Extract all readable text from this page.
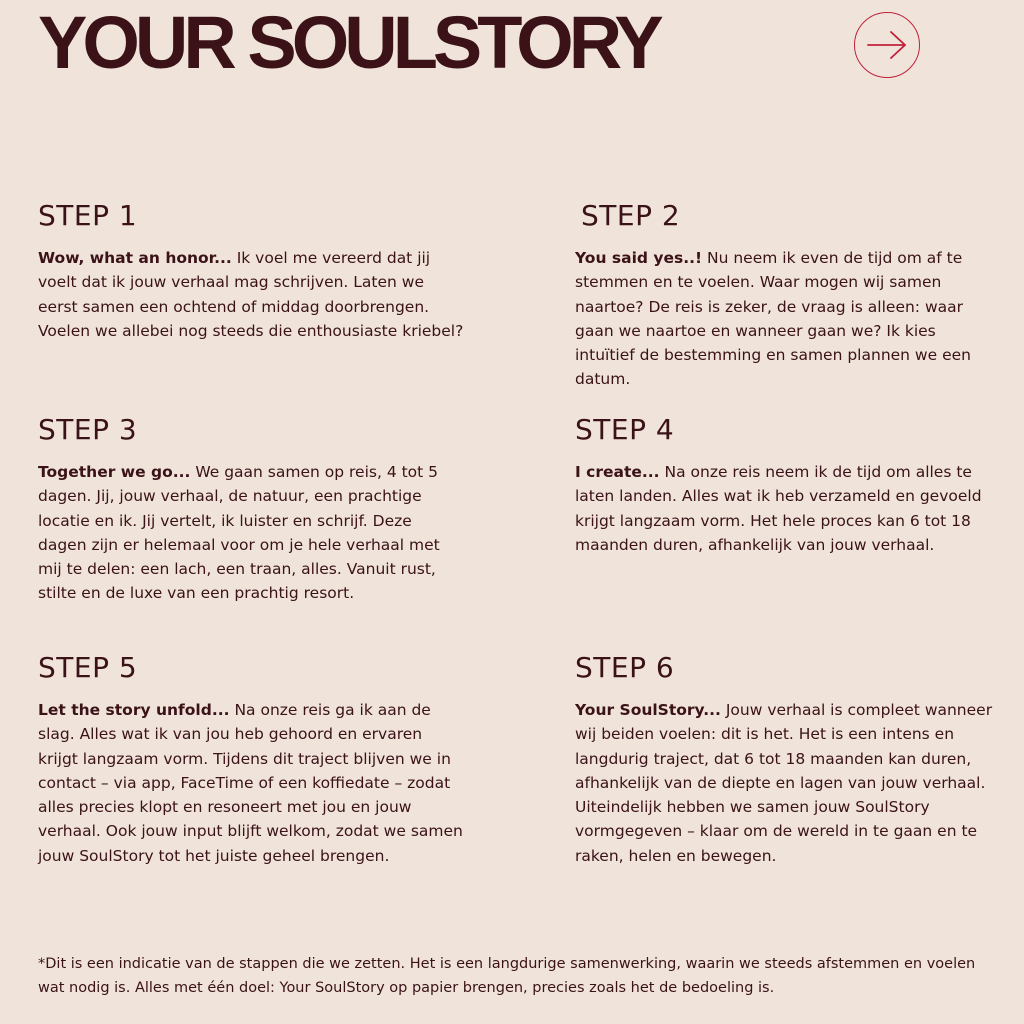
YOUR SOULSTORY
STEP 1

Wow, what an honor... Ik voel me vereerd dat jij voelt dat ik jouw verhaal mag schrijven. Laten we eerst samen een ochtend of middag doorbrengen. Voelen we allebei nog steeds die enthousiaste kriebel?

STEP 2

You said yes..! Nu neem ik even de tijd om af te stemmen en te voelen. Waar mogen wij samen naartoe? De reis is zeker, de vraag is alleen: waar gaan we naartoe en wanneer gaan we? Ik kies intuïtief de bestemming en samen plannen we een datum.

STEP 3

Together we go... We gaan samen op reis, 4 tot 5 dagen. Jij, jouw verhaal, de natuur, een prachtige locatie en ik. Jij vertelt, ik luister en schrijf. Deze dagen zijn er helemaal voor om je hele verhaal met mij te delen: een lach, een traan, alles. Vanuit rust, stilte en de luxe van een prachtig resort.

STEP 4

I create... Na onze reis neem ik de tijd om alles te laten landen. Alles wat ik heb verzameld en gevoeld krijgt langzaam vorm. Het hele proces kan 6 tot 18 maanden duren, afhankelijk van jouw verhaal.

STEP 5

Let the story unfold... Na onze reis ga ik aan de slag. Alles wat ik van jou heb gehoord en ervaren krijgt langzaam vorm. Tijdens dit traject blijven we in contact – via app, FaceTime of een koffiedate – zodat alles precies klopt en resoneert met jou en jouw verhaal. Ook jouw input blijft welkom, zodat we samen jouw SoulStory tot het juiste geheel brengen.

STEP 6

Your SoulStory... Jouw verhaal is compleet wanneer wij beiden voelen: dit is het. Het is een intens en langdurig traject, dat 6 tot 18 maanden kan duren, afhankelijk van de diepte en lagen van jouw verhaal. Uiteindelijk hebben we samen jouw SoulStory vormgegeven – klaar om de wereld in te gaan en te raken, helen en bewegen.

*Dit is een indicatie van de stappen die we zetten. Het is een langdurige samenwerking, waarin we steeds afstemmen en voelen wat nodig is. Alles met één doel: Your SoulStory op papier brengen, precies zoals het de bedoeling is.
